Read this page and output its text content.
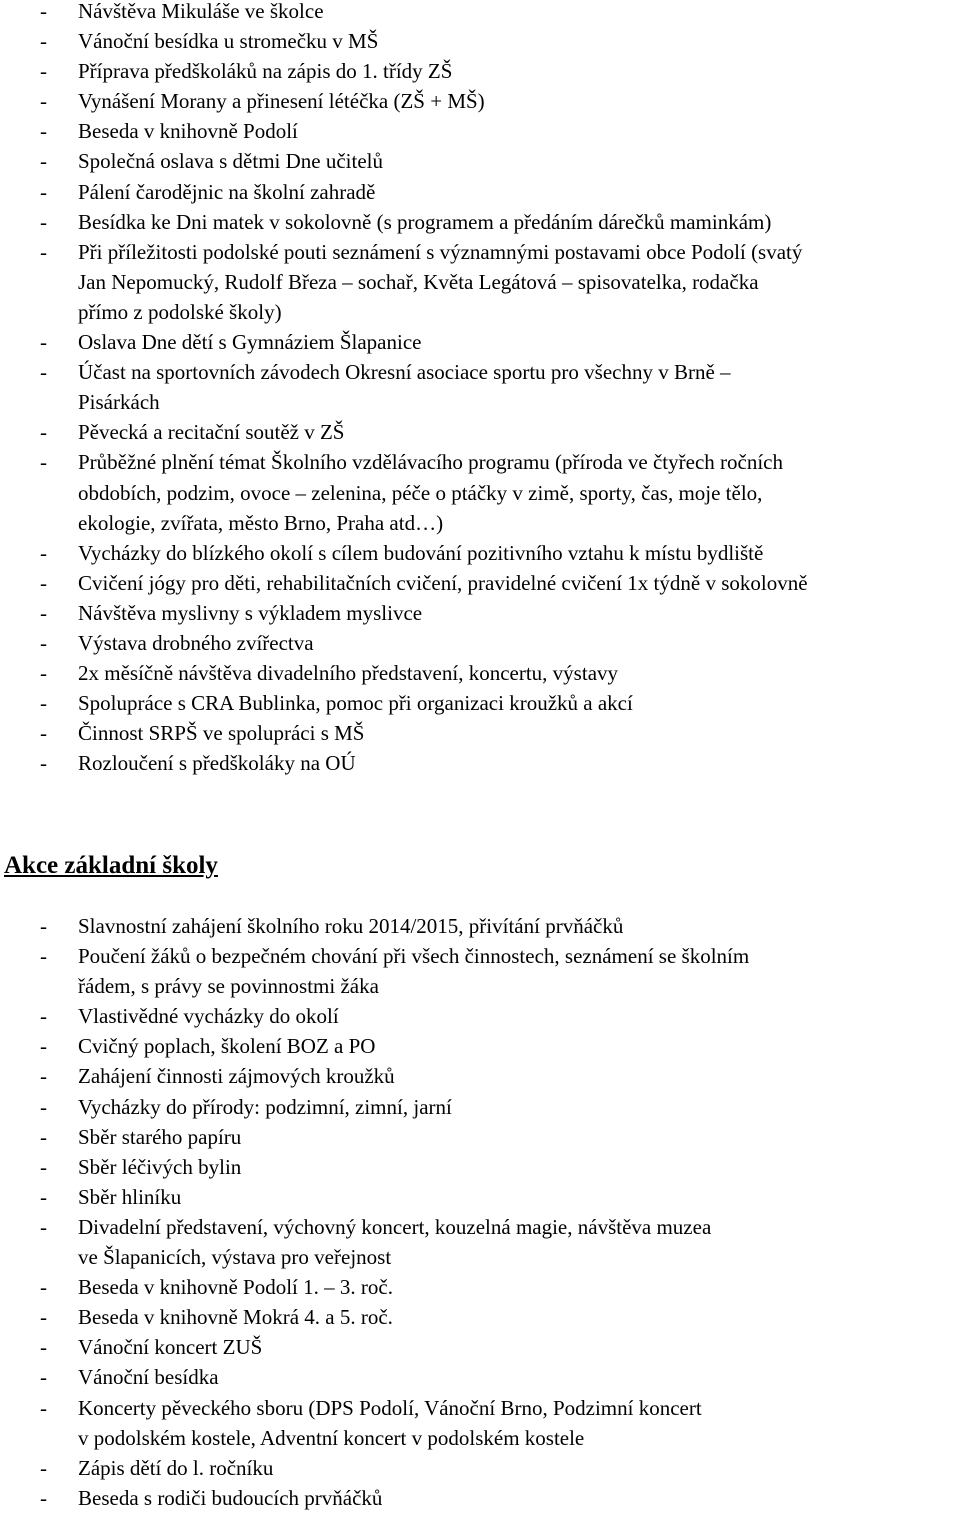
- Návštěva Mikuláše ve školce
- Vánoční besídka u stromečku v MŠ
- Příprava předškoláků na zápis do 1. třídy ZŠ
- Vynášení Morany a přinesení létéčka (ZŠ + MŠ)
- Beseda v knihovně Podolí
- Společná oslava s dětmi Dne učitelů
- Pálení čarodějnic na školní zahradě
- Besídka ke Dni matek v sokolovně (s programem a předáním dárečků maminkám)
- Při příležitosti podolské pouti seznámení s významnými postavami obce Podolí (svatý
Jan Nepomucký, Rudolf Březa – sochař, Květa Legátová – spisovatelka, rodačka
přímo z podolské školy)
- Oslava Dne dětí s Gymnáziem Šlapanice
- Účast na sportovních závodech Okresní asociace sportu pro všechny v Brně –
Pisárkách
- Pěvecká a recitační soutěž v ZŠ
- Průběžné plnění témat Školního vzdělávacího programu (příroda ve čtyřech ročních
obdobích, podzim, ovoce – zelenina, péče o ptáčky v zimě, sporty, čas, moje tělo,
ekologie, zvířata, město Brno, Praha atd…)
- Vycházky do blízkého okolí s cílem budování pozitivního vztahu k místu bydliště
- Cvičení jógy pro děti, rehabilitačních cvičení, pravidelné cvičení 1x týdně v sokolovně
- Návštěva myslivny s výkladem myslivce
- Výstava drobného zvířectva
- 2x měsíčně návštěva divadelního představení, koncertu, výstavy
- Spolupráce s CRA Bublinka, pomoc při organizaci kroužků a akcí
- Činnost SRPŠ ve spolupráci s MŠ
- Rozloučení s předškoláky na OÚ
Akce základní školy
- Slavnostní zahájení školního roku 2014/2015, přivítání prvňáčků
- Poučení žáků o bezpečném chování při všech činnostech, seznámení se školním
řádem, s právy se povinnostmi žáka
- Vlastivědné vycházky do okolí
- Cvičný poplach, školení BOZ a PO
- Zahájení činnosti zájmových kroužků
- Vycházky do přírody: podzimní, zimní, jarní
- Sběr starého papíru
- Sběr léčivých bylin
- Sběr hliníku
- Divadelní představení, výchovný koncert, kouzelná magie, návštěva muzea
ve Šlapanicích, výstava pro veřejnost
- Beseda v knihovně Podolí 1. – 3. roč.
- Beseda v knihovně Mokrá 4. a 5. roč.
- Vánoční koncert ZUŠ
- Vánoční besídka
- Koncerty pěveckého sboru (DPS Podolí, Vánoční Brno, Podzimní koncert
v podolském kostele, Adventní koncert v podolském kostele
- Zápis dětí do l. ročníku
- Beseda s rodiči budoucích prvňáčků
